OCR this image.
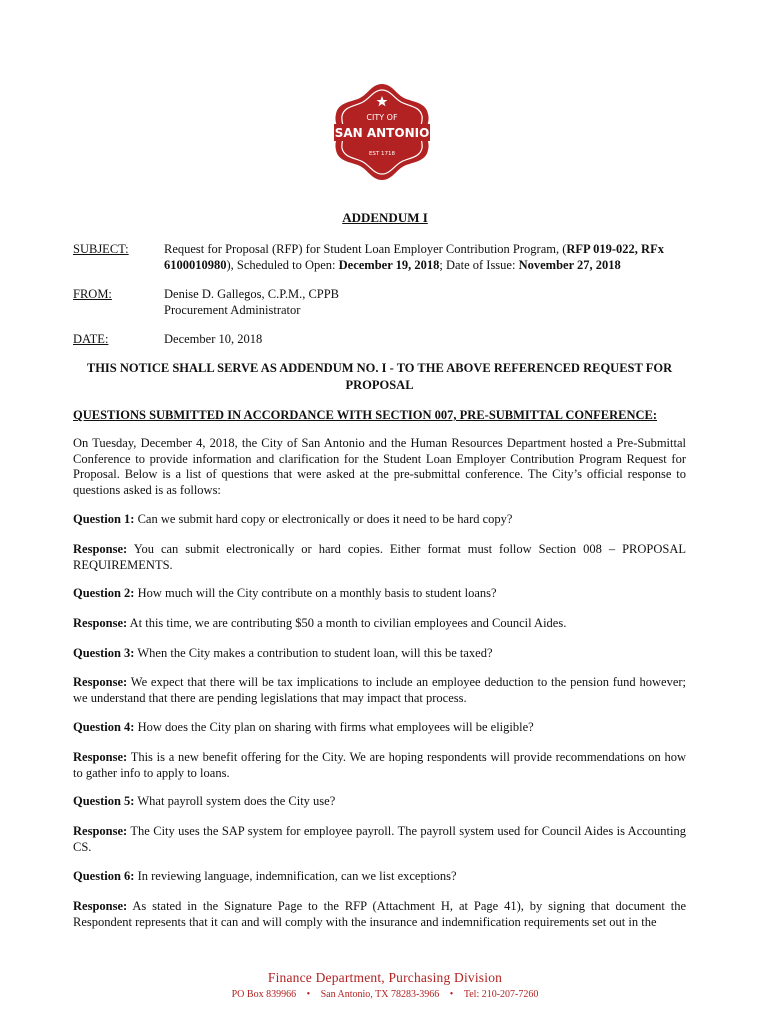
CITY OF
SAN ANTONIO
EST 1718
ADDENDUM I
SUBJECT:	Request for Proposal (RFP) for Student Loan Employer Contribution Program, (RFP 019-022, RFx 6100010980), Scheduled to Open: December 19, 2018; Date of Issue: November 27, 2018
FROM:	Denise D. Gallegos, C.P.M., CPPB
Procurement Administrator
DATE:	December 10, 2018
THIS NOTICE SHALL SERVE AS ADDENDUM NO. I - TO THE ABOVE REFERENCED REQUEST FOR PROPOSAL
QUESTIONS SUBMITTED IN ACCORDANCE WITH SECTION 007, PRE-SUBMITTAL CONFERENCE:
On Tuesday, December 4, 2018, the City of San Antonio and the Human Resources Department hosted a Pre-Submittal Conference to provide information and clarification for the Student Loan Employer Contribution Program Request for Proposal. Below is a list of questions that were asked at the pre-submittal conference. The City’s official response to questions asked is as follows:
Question 1: Can we submit hard copy or electronically or does it need to be hard copy?
Response: You can submit electronically or hard copies. Either format must follow Section 008 – PROPOSAL REQUIREMENTS.
Question 2: How much will the City contribute on a monthly basis to student loans?
Response: At this time, we are contributing $50 a month to civilian employees and Council Aides.
Question 3: When the City makes a contribution to student loan, will this be taxed?
Response: We expect that there will be tax implications to include an employee deduction to the pension fund however; we understand that there are pending legislations that may impact that process.
Question 4: How does the City plan on sharing with firms what employees will be eligible?
Response: This is a new benefit offering for the City. We are hoping respondents will provide recommendations on how to gather info to apply to loans.
Question 5: What payroll system does the City use?
Response: The City uses the SAP system for employee payroll. The payroll system used for Council Aides is Accounting CS.
Question 6: In reviewing language, indemnification, can we list exceptions?
Response: As stated in the Signature Page to the RFP (Attachment H, at Page 41), by signing that document the Respondent represents that it can and will comply with the insurance and indemnification requirements set out in the
Finance Department, Purchasing Division
PO Box 839966 • San Antonio, TX 78283-3966 • Tel: 210-207-7260
